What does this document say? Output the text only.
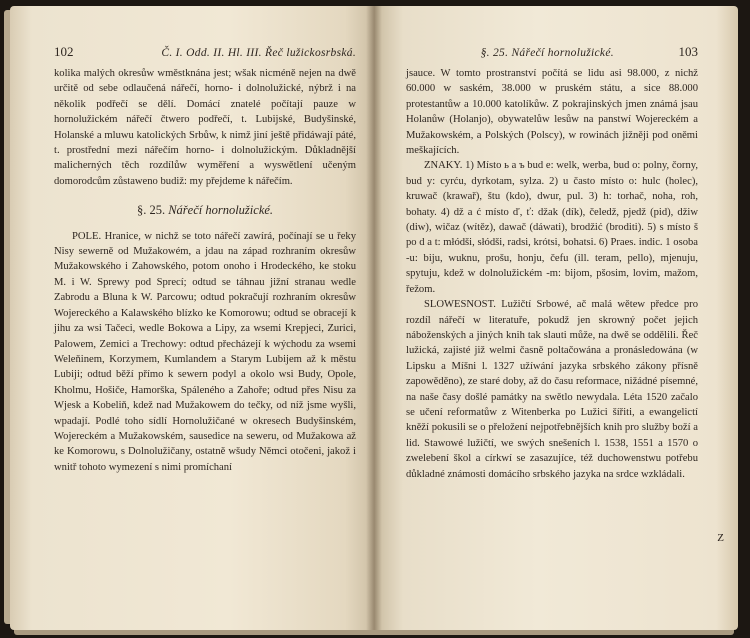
102	Č. I. Odd. II. Hl. III. Řeč lužickosrbská.

kolika malých okresůw wměstknána jest; wšak nicméně nejen na dwě určitě od sebe odlaučená nářečí, horno- i dolnolužické, nýbrž i na několik podřečí se dělí. Domácí znatelé počítají pauze w hornolužickém nářečí čtwero podřečí, t. Lubijské, Budyšinské, Holanské a mluwu katolických Srbůw, k nimž jiní ještě přidáwají páté, t. prostřední mezi nářečím horno- i dolnolužickým. Důkladnější malicherných těch rozdílůw wyměření a wyswětlení učeným domorodcům zůstaweno budiž: my přejdeme k nářečím.

§. 25. Nářečí hornolužické.

POLE. Hranice, w nichž se toto nářečí zawírá, počínají se u řeky Nisy sewerně od Mužakowém, a jdau na západ rozhraním okresůw Mužakowského i Zahowského, potom onoho i Hrodeckého, ke stoku M. i W. Sprewy pod Sprecí; odtud se táhnau jižní stranau wedle Zabrodu a Bluna k W. Parcowu; odtud pokračují rozhraním okresůw Wojereckého a Kalawského blízko ke Komorowu; odtud se obracejí k jihu za wsi Tačeci, wedle Bokowa a Lipy, za wsemi Krepjeci, Zurici, Palowem, Zemici a Trechowy: odtud přecházejí k wýchodu za wsemi Weleňinem, Korzymem, Kumlandem a Starym Lubijem až k městu Lubiji; odtud běží přímo k sewern podyl a okolo wsi Budy, Opole, Kholmu, Hošiče, Hamorška, Spáleného a Zahoře; odtud přes Nisu za Wjesk a Kobeliň, kdež nad Mužakowem do tečky, od níž jsme wyšli, wpadají. Podlé toho sídlí Hornolužičané w okresech Budyšinském, Wojereckém a Mužakowském, sausedice na seweru, od Mužakowa až ke Komorowu, s Dolnolužičany, ostatně wšudy Němci otočeni, jakož i wnitř tohoto wymezení s nimi promíchaní

§. 25. Nářečí hornolužické.	103

jsauce. W tomto prostranství počítá se lidu asi 98.000, z nichž 60.000 w saském, 38.000 w pruském státu, a sice 88.000 protestantůw a 10.000 katolíkůw. Z pokrajinských jmen známá jsau Holanůw (Holanjo), obywatelůw lesůw na panstwí Wojereckém a Mužakowském, a Polských (Polscy), w rowinách jižněji pod oněmi meškajících.

ZNAKY. 1) Místo ь a ъ bud e: welk, werba, bud o: polny, čorny, bud y: cyrću, dyrkotam, sylza. 2) u často místo o: hulc (holec), kruwač (krawař), štu (kdo), dwur, pul. 3) h: torhač, noha, roh, bohaty. 4) dž a ć místo ď, ť: džak (dík), čeledž, pjedž (pid), džiw (diw), wičaz (wítěz), dawač (dáwati), brodžić (broditi). 5) s místo š po d a t: młódši, słódši, radsi, krótsi, bohatsi. 6) Praes. indic. 1 osoba -u: biju, wuknu, prošu, honju, čefu (ill. teram, pello), mjenuju, spytuju, kdež w dolnolužickém -m: bijom, pšosim, lovim, mažom, řežom.

SLOWESNOST. Lužičtí Srbowé, ač malá wětew předce pro rozdíl nářečí w literatuře, pokudž jen skrowný počet jejich náboženských a jiných knih tak slauti může, na dwě se oddělili. Řeč lužická, zajisté již welmi časně poltačowána a pronásledowána (w Lipsku a Míšni l. 1327 užíwání jazyka srbského zákony přísně zapowěděno), ze staré doby, až do času reformace, nižádné písemné, na naše časy došlé památky na swětlo newydala. Léta 1520 začalo se učení reformatůw z Witenberka po Lužici šířiti, a ewangelictí kněží pokusili se o přeložení nejpotřebnějších knih pro služby boží a lid. Stawowé lužičtí, we swých snešeních l. 1538, 1551 a 1570 o zwelebení škol a církwí se zasazujíce, též duchowenstwu potřebu důkladné známosti domácího srbského jazyka na srdce wzkládali.

Z
